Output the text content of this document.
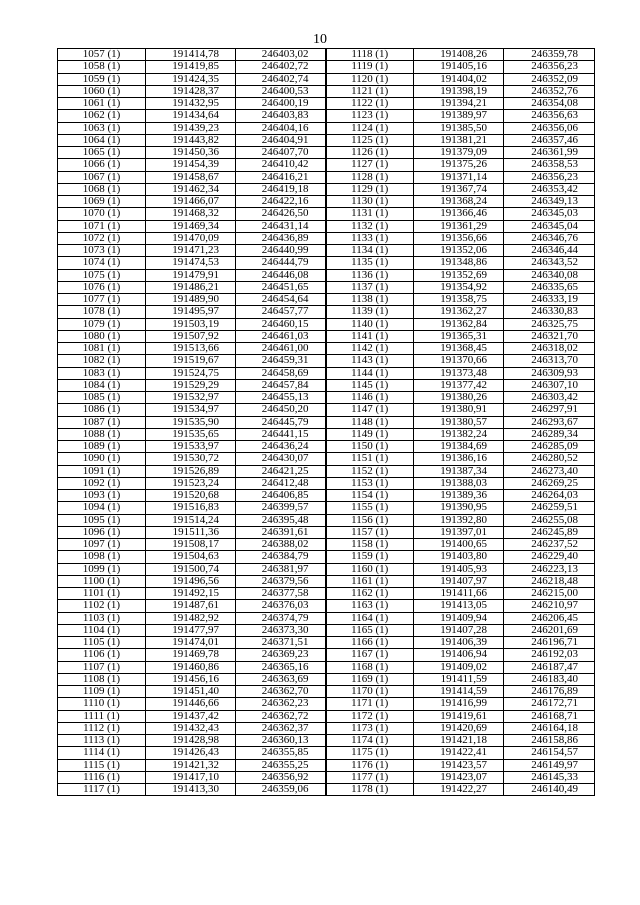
10
1057 (1)	191414,78	246403,02	1118 (1)	191408,26	246359,78
1058 (1)	191419,85	246402,72	1119 (1)	191405,16	246356,23
1059 (1)	191424,35	246402,74	1120 (1)	191404,02	246352,09
1060 (1)	191428,37	246400,53	1121 (1)	191398,19	246352,76
1061 (1)	191432,95	246400,19	1122 (1)	191394,21	246354,08
1062 (1)	191434,64	246403,83	1123 (1)	191389,97	246356,63
1063 (1)	191439,23	246404,16	1124 (1)	191385,50	246356,06
1064 (1)	191443,82	246404,91	1125 (1)	191381,21	246357,46
1065 (1)	191450,36	246407,70	1126 (1)	191379,09	246361,99
1066 (1)	191454,39	246410,42	1127 (1)	191375,26	246358,53
1067 (1)	191458,67	246416,21	1128 (1)	191371,14	246356,23
1068 (1)	191462,34	246419,18	1129 (1)	191367,74	246353,42
1069 (1)	191466,07	246422,16	1130 (1)	191368,24	246349,13
1070 (1)	191468,32	246426,50	1131 (1)	191366,46	246345,03
1071 (1)	191469,34	246431,14	1132 (1)	191361,29	246345,04
1072 (1)	191470,09	246436,89	1133 (1)	191356,66	246346,76
1073 (1)	191471,23	246440,99	1134 (1)	191352,06	246346,44
1074 (1)	191474,53	246444,79	1135 (1)	191348,86	246343,52
1075 (1)	191479,91	246446,08	1136 (1)	191352,69	246340,08
1076 (1)	191486,21	246451,65	1137 (1)	191354,92	246335,65
1077 (1)	191489,90	246454,64	1138 (1)	191358,75	246333,19
1078 (1)	191495,97	246457,77	1139 (1)	191362,27	246330,83
1079 (1)	191503,19	246460,15	1140 (1)	191362,84	246325,75
1080 (1)	191507,92	246461,03	1141 (1)	191365,31	246321,70
1081 (1)	191513,66	246461,00	1142 (1)	191368,45	246318,02
1082 (1)	191519,67	246459,31	1143 (1)	191370,66	246313,70
1083 (1)	191524,75	246458,69	1144 (1)	191373,48	246309,93
1084 (1)	191529,29	246457,84	1145 (1)	191377,42	246307,10
1085 (1)	191532,97	246455,13	1146 (1)	191380,26	246303,42
1086 (1)	191534,97	246450,20	1147 (1)	191380,91	246297,91
1087 (1)	191535,90	246445,79	1148 (1)	191380,57	246293,67
1088 (1)	191535,65	246441,15	1149 (1)	191382,24	246289,34
1089 (1)	191533,97	246436,24	1150 (1)	191384,69	246285,09
1090 (1)	191530,72	246430,07	1151 (1)	191386,16	246280,52
1091 (1)	191526,89	246421,25	1152 (1)	191387,34	246273,40
1092 (1)	191523,24	246412,48	1153 (1)	191388,03	246269,25
1093 (1)	191520,68	246406,85	1154 (1)	191389,36	246264,03
1094 (1)	191516,83	246399,57	1155 (1)	191390,95	246259,51
1095 (1)	191514,24	246395,48	1156 (1)	191392,80	246255,08
1096 (1)	191511,36	246391,61	1157 (1)	191397,01	246245,89
1097 (1)	191508,17	246388,02	1158 (1)	191400,65	246237,52
1098 (1)	191504,63	246384,79	1159 (1)	191403,80	246229,40
1099 (1)	191500,74	246381,97	1160 (1)	191405,93	246223,13
1100 (1)	191496,56	246379,56	1161 (1)	191407,97	246218,48
1101 (1)	191492,15	246377,58	1162 (1)	191411,66	246215,00
1102 (1)	191487,61	246376,03	1163 (1)	191413,05	246210,97
1103 (1)	191482,92	246374,79	1164 (1)	191409,94	246206,45
1104 (1)	191477,97	246373,30	1165 (1)	191407,28	246201,69
1105 (1)	191474,01	246371,51	1166 (1)	191406,39	246196,71
1106 (1)	191469,78	246369,23	1167 (1)	191406,94	246192,03
1107 (1)	191460,86	246365,16	1168 (1)	191409,02	246187,47
1108 (1)	191456,16	246363,69	1169 (1)	191411,59	246183,40
1109 (1)	191451,40	246362,70	1170 (1)	191414,59	246176,89
1110 (1)	191446,66	246362,23	1171 (1)	191416,99	246172,71
1111 (1)	191437,42	246362,72	1172 (1)	191419,61	246168,71
1112 (1)	191432,43	246362,37	1173 (1)	191420,69	246164,18
1113 (1)	191428,98	246360,13	1174 (1)	191421,18	246158,86
1114 (1)	191426,43	246355,85	1175 (1)	191422,41	246154,57
1115 (1)	191421,32	246355,25	1176 (1)	191423,57	246149,97
1116 (1)	191417,10	246356,92	1177 (1)	191423,07	246145,33
1117 (1)	191413,30	246359,06	1178 (1)	191422,27	246140,49
